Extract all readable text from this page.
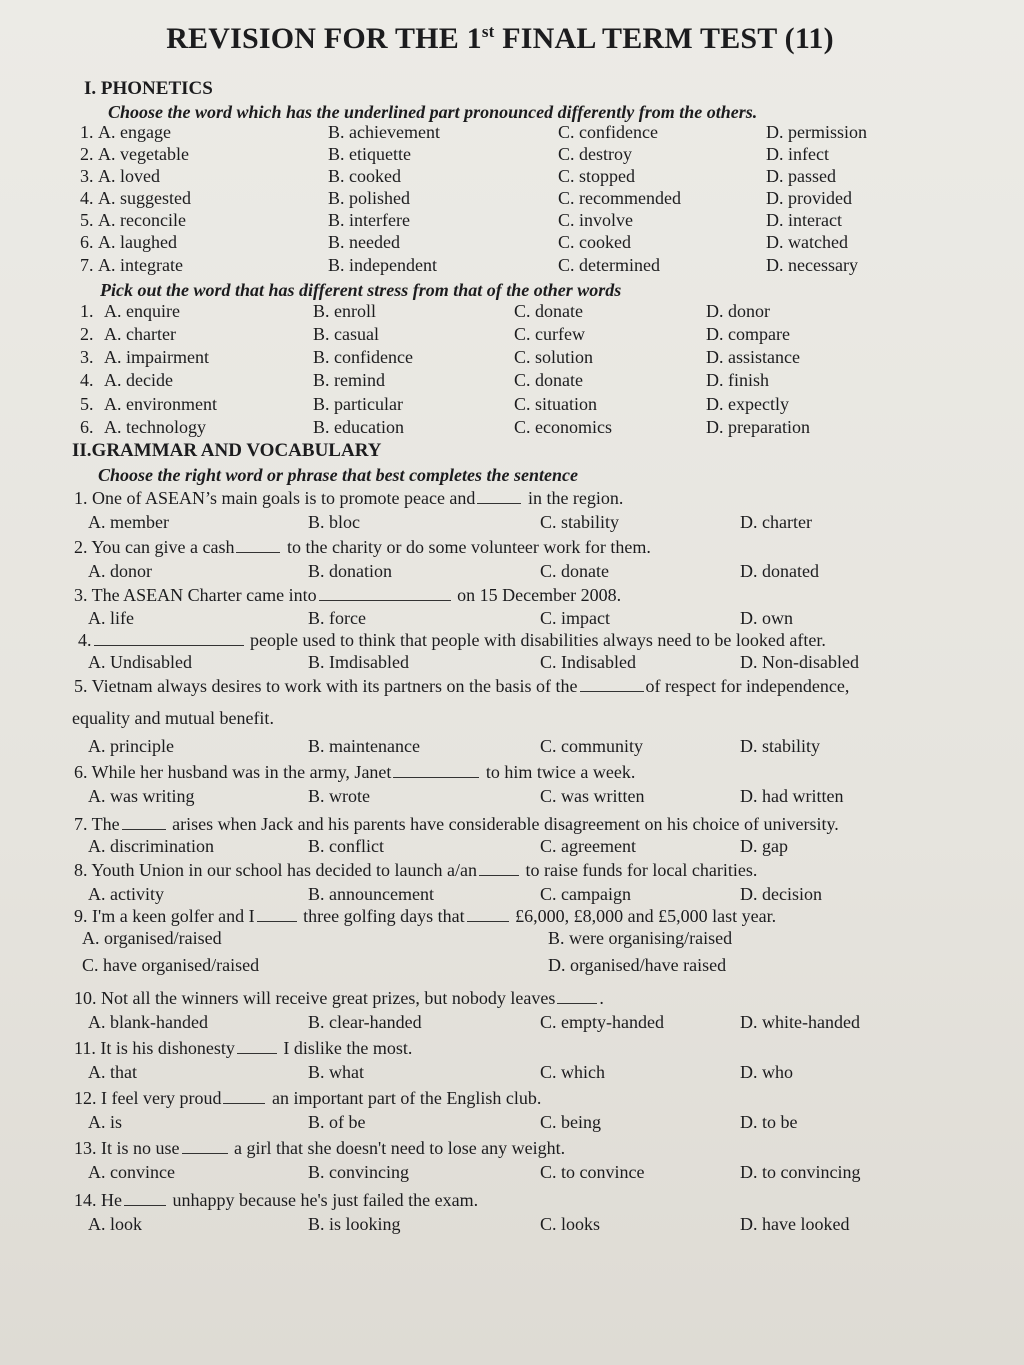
REVISION FOR THE 1st FINAL TERM TEST (11)
I. PHONETICS
Choose the word which has the underlined part pronounced differently from the others.
1. A. engage	B. achievement	C. confidence	D. permission
2. A. vegetable	B. etiquette	C. destroy	D. infect
3. A. loved	B. cooked	C. stopped	D. passed
4. A. suggested	B. polished	C. recommended	D. provided
5. A. reconcile	B. interfere	C. involve	D. interact
6. A. laughed	B. needed	C. cooked	D. watched
7. A. integrate	B. independent	C. determined	D. necessary
Pick out the word that has different stress from that of the other words
1. A. enquire	B. enroll	C. donate	D. donor
2. A. charter	B. casual	C. curfew	D. compare
3. A. impairment	B. confidence	C. solution	D. assistance
4. A. decide	B. remind	C. donate	D. finish
5. A. environment	B. particular	C. situation	D. expectly
6. A. technology	B. education	C. economics	D. preparation
II.GRAMMAR AND VOCABULARY
Choose the right word or phrase that best completes the sentence
1. One of ASEAN’s main goals is to promote peace and	in the region.
A. member	B. bloc	C. stability	D. charter
2. You can give a cash	to the charity or do some volunteer work for them.
A. donor	B. donation	C. donate	D. donated
3. The ASEAN Charter came into	on 15 December 2008.
A. life	B. force	C. impact	D. own
4.	people used to think that people with disabilities always need to be looked after.
A. Undisabled	B. Imdisabled	C. Indisabled	D. Non-disabled
5. Vietnam always desires to work with its partners on the basis of the	of respect for independence,
equality and mutual benefit.
A. principle	B. maintenance	C. community	D. stability
6. While her husband was in the army, Janet	to him twice a week.
A. was writing	B. wrote	C. was written	D. had written
7. The	arises when Jack and his parents have considerable disagreement on his choice of university.
A. discrimination	B. conflict	C. agreement	D. gap
8. Youth Union in our school has decided to launch a/an to raise funds for local charities.
A. activity	B. announcement	C. campaign	D. decision
9. I'm a keen golfer and I three golfing days that	£6,000, £8,000 and £5,000 last year.
A. organised/raised	B. were organising/raised
C. have organised/raised	D. organised/have raised
10. Not all the winners will receive great prizes, but nobody leaves .
A. blank-handed	B. clear-handed	C. empty-handed	D. white-handed
11. It is his dishonesty I dislike the most.
A. that	B. what	C. which	D. who
12. I feel very proud	an important part of the English club.
A. is	B. of be	C. being	D. to be
13. It is no use	a girl that she doesn't need to lose any weight.
A. convince	B. convincing	C. to convince	D. to convincing
14. He	unhappy because he's just failed the exam.
A. look	B. is looking	C. looks	D. have looked
